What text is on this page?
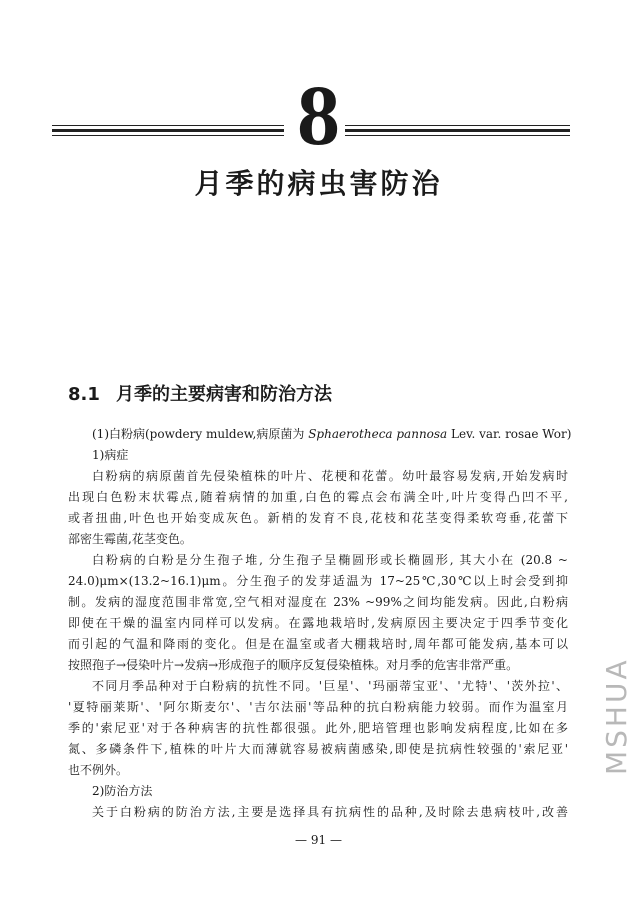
8
月季的病虫害防治
8.1 月季的主要病害和防治方法
(1)白粉病(powdery muldew,病原菌为 Sphaerotheca pannosa Lev. var. rosae Wor)
1)病症
白粉病的病原菌首先侵染植株的叶片、花梗和花蕾。幼叶最容易发病,开始发病时
出现白色粉末状霉点,随着病情的加重,白色的霉点会布满全叶,叶片变得凸凹不平,
或者扭曲,叶色也开始变成灰色。新梢的发育不良,花枝和花茎变得柔软弯垂,花蕾下
部密生霉菌,花茎变色。
白粉病的白粉是分生孢子堆, 分生孢子呈椭圆形或长椭圆形, 其大小在 (20.8 ~
24.0)μm×(13.2~16.1)μm。分生孢子的发芽适温为 17~25℃,30℃以上时会受到抑
制。发病的湿度范围非常宽,空气相对湿度在 23% ~99%之间均能发病。因此,白粉病
即使在干燥的温室内同样可以发病。在露地栽培时,发病原因主要决定于四季节变化
而引起的气温和降雨的变化。但是在温室或者大棚栽培时,周年都可能发病,基本可以
按照孢子→侵染叶片→发病→形成孢子的顺序反复侵染植株。对月季的危害非常严重。
不同月季品种对于白粉病的抗性不同。'巨星'、'玛丽蒂宝亚'、'尤特'、'茨外拉'、
'夏特丽莱斯'、'阿尔斯麦尔'、'吉尔法丽'等品种的抗白粉病能力较弱。而作为温室月
季的'索尼亚'对于各种病害的抗性都很强。此外,肥培管理也影响发病程度,比如在多
氮、多磷条件下,植株的叶片大而薄就容易被病菌感染,即使是抗病性较强的'索尼亚'
也不例外。
2)防治方法
关于白粉病的防治方法,主要是选择具有抗病性的品种,及时除去患病枝叶,改善
— 91 —
MSHUA
